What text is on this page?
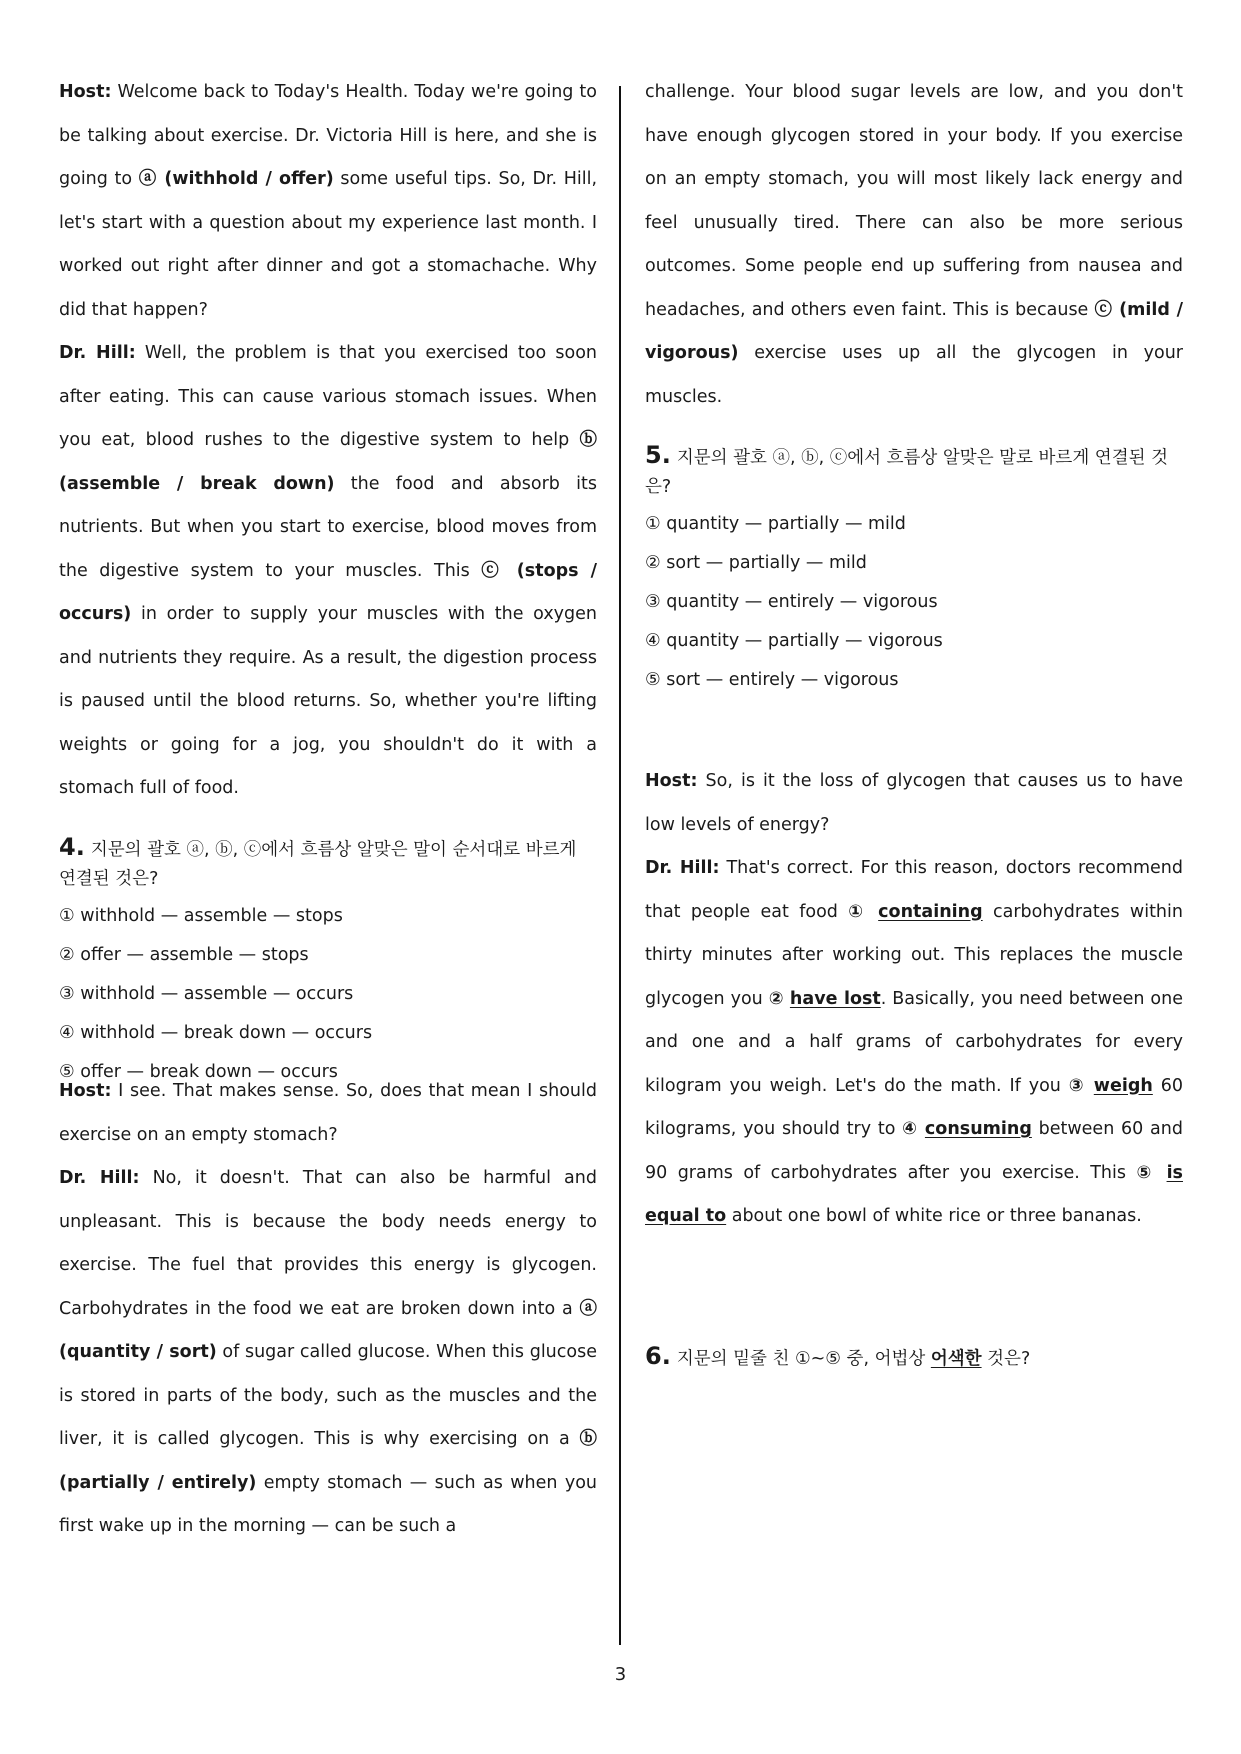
Host: Welcome back to Today's Health. Today we're going to be talking about exercise. Dr. Victoria Hill is here, and she is going to ⓐ (withhold / offer) some useful tips. So, Dr. Hill, let's start with a question about my experience last month. I worked out right after dinner and got a stomachache. Why did that happen?

Dr. Hill: Well, the problem is that you exercised too soon after eating. This can cause various stomach issues. When you eat, blood rushes to the digestive system to help ⓑ (assemble / break down) the food and absorb its nutrients. But when you start to exercise, blood moves from the digestive system to your muscles. This ⓒ (stops / occurs) in order to supply your muscles with the oxygen and nutrients they require. As a result, the digestion process is paused until the blood returns. So, whether you're lifting weights or going for a jog, you shouldn't do it with a stomach full of food.

4. 지문의 괄호 ⓐ, ⓑ, ⓒ에서 흐름상 알맞은 말이 순서대로 바르게 연결된 것은?

① withhold — assemble — stops
② offer — assemble — stops
③ withhold — assemble — occurs
④ withhold — break down — occurs
⑤ offer — break down — occurs

Host: I see. That makes sense. So, does that mean I should exercise on an empty stomach?

Dr. Hill: No, it doesn't. That can also be harmful and unpleasant. This is because the body needs energy to exercise. The fuel that provides this energy is glycogen. Carbohydrates in the food we eat are broken down into a ⓐ (quantity / sort) of sugar called glucose. When this glucose is stored in parts of the body, such as the muscles and the liver, it is called glycogen. This is why exercising on a ⓑ (partially / entirely) empty stomach — such as when you first wake up in the morning — can be such a

challenge. Your blood sugar levels are low, and you don't have enough glycogen stored in your body. If you exercise on an empty stomach, you will most likely lack energy and feel unusually tired. There can also be more serious outcomes. Some people end up suffering from nausea and headaches, and others even faint. This is because ⓒ (mild / vigorous) exercise uses up all the glycogen in your muscles.

5. 지문의 괄호 ⓐ, ⓑ, ⓒ에서 흐름상 알맞은 말로 바르게 연결된 것은?

① quantity — partially — mild
② sort — partially — mild
③ quantity — entirely — vigorous
④ quantity — partially — vigorous
⑤ sort — entirely — vigorous

Host: So, is it the loss of glycogen that causes us to have low levels of energy?

Dr. Hill: That's correct. For this reason, doctors recommend that people eat food ① containing carbohydrates within thirty minutes after working out. This replaces the muscle glycogen you ② have lost. Basically, you need between one and one and a half grams of carbohydrates for every kilogram you weigh. Let's do the math. If you ③ weigh 60 kilograms, you should try to ④ consuming between 60 and 90 grams of carbohydrates after you exercise. This ⑤ is equal to about one bowl of white rice or three bananas.

6. 지문의 밑줄 친 ①~⑤ 중, 어법상 어색한 것은?

3
